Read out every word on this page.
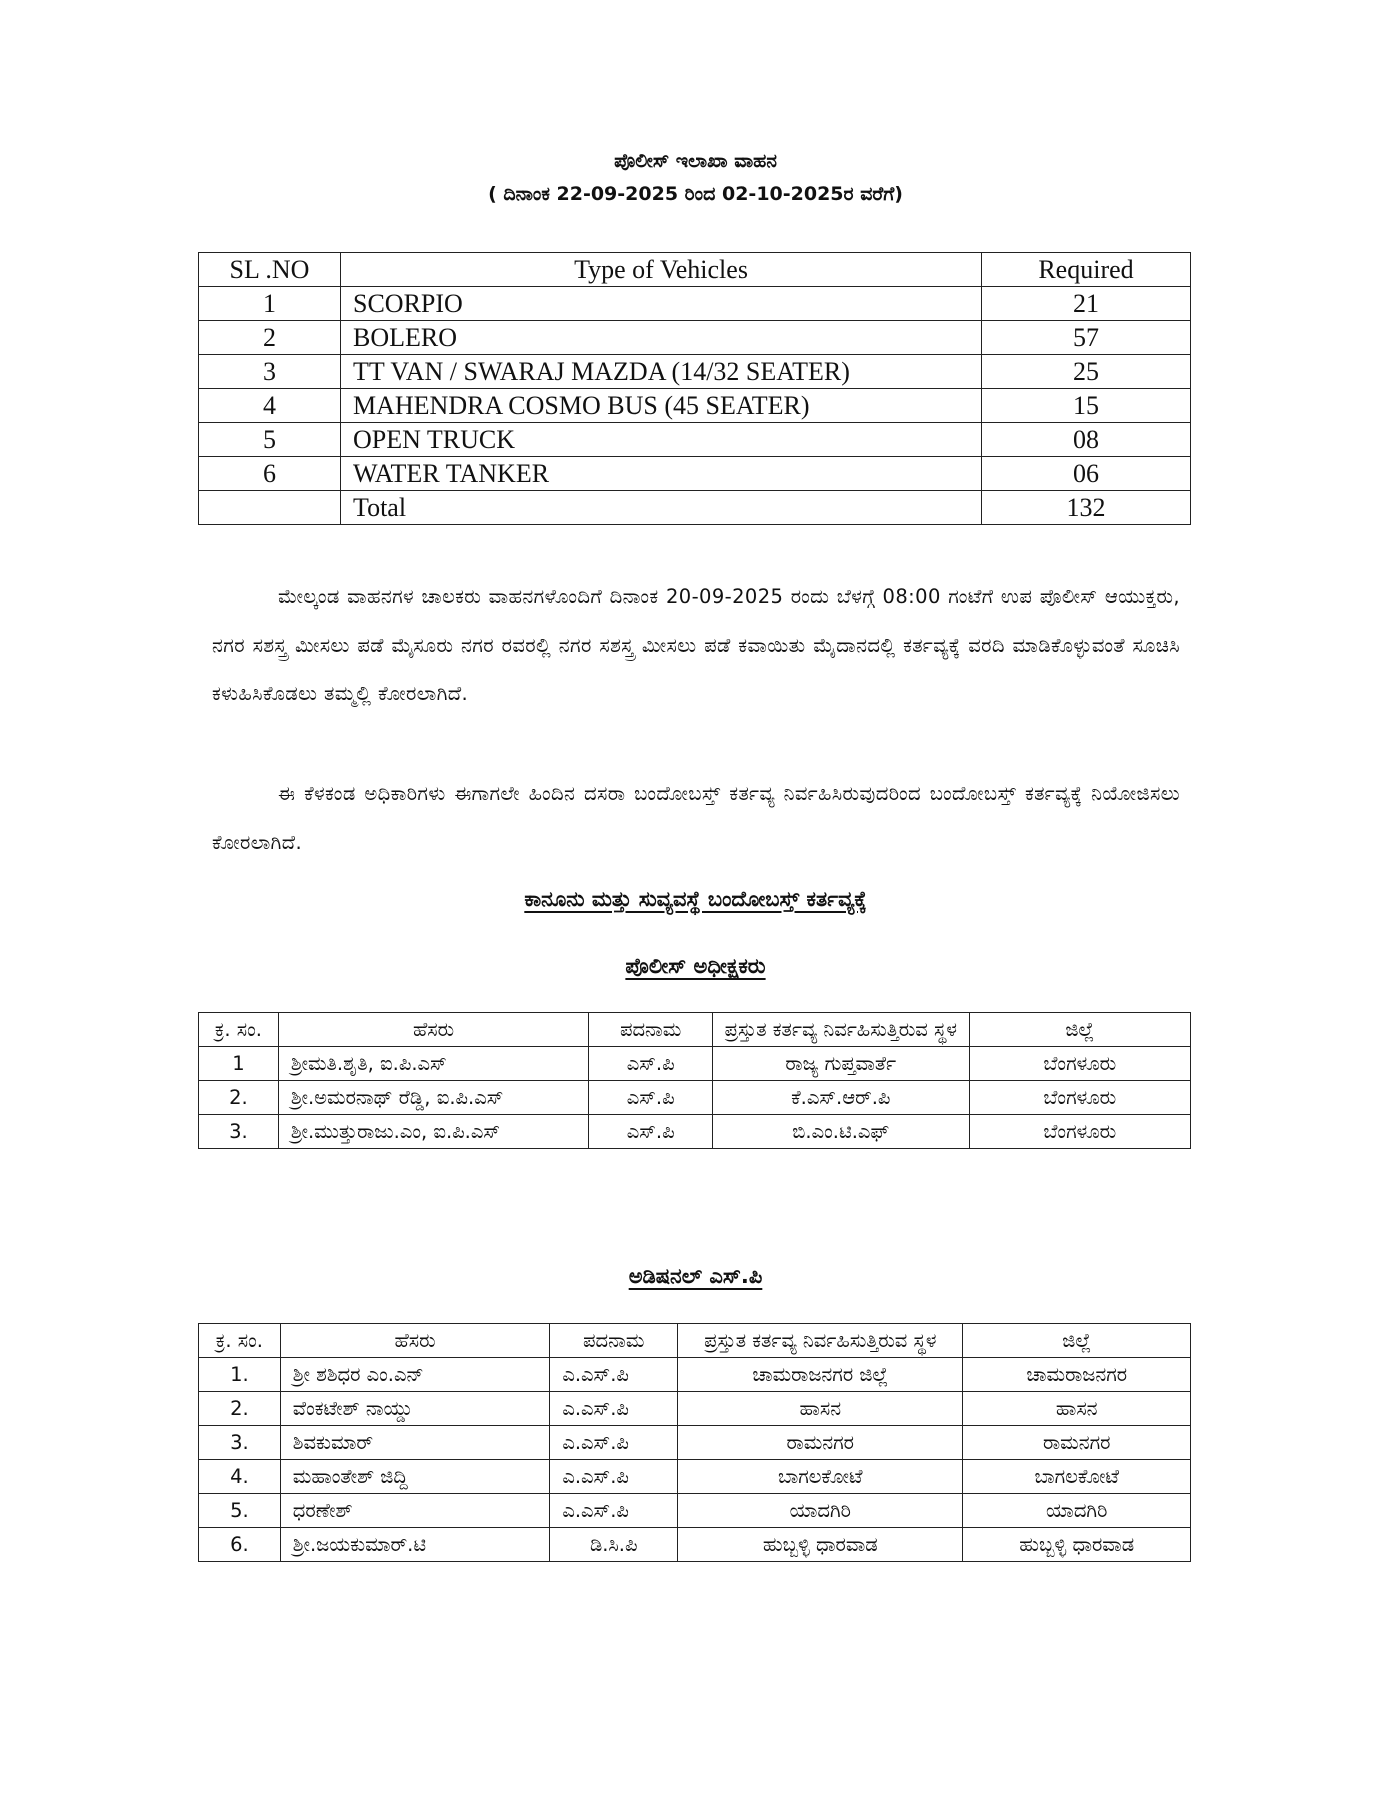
ಪೊಲೀಸ್ ಇಲಾಖಾ ವಾಹನ
( ದಿನಾಂಕ 22-09-2025 ರಿಂದ 02-10-2025ರ ವರೆಗೆ)
SL .NO	Type of Vehicles	Required
1	SCORPIO	21
2	BOLERO	57
3	TT VAN / SWARAJ MAZDA (14/32 SEATER)	25
4	MAHENDRA COSMO BUS (45 SEATER)	15
5	OPEN TRUCK	08
6	WATER TANKER	06
	Total	132
ಮೇಲ್ಕಂಡ ವಾಹನಗಳ ಚಾಲಕರು ವಾಹನಗಳೊಂದಿಗೆ ದಿನಾಂಕ 20-09-2025 ರಂದು ಬೆಳಗ್ಗೆ 08:00 ಗಂಟೆಗೆ ಉಪ ಪೊಲೀಸ್ ಆಯುಕ್ತರು, ನಗರ ಸಶಸ್ತ್ರ ಮೀಸಲು ಪಡೆ ಮೈಸೂರು ನಗರ ರವರಲ್ಲಿ ನಗರ ಸಶಸ್ತ್ರ ಮೀಸಲು ಪಡೆ ಕವಾಯಿತು ಮೈದಾನದಲ್ಲಿ ಕರ್ತವ್ಯಕ್ಕೆ ವರದಿ ಮಾಡಿಕೊಳ್ಳುವಂತೆ ಸೂಚಿಸಿ ಕಳುಹಿಸಿಕೊಡಲು ತಮ್ಮಲ್ಲಿ ಕೋರಲಾಗಿದೆ.
ಈ ಕೆಳಕಂಡ ಅಧಿಕಾರಿಗಳು ಈಗಾಗಲೇ ಹಿಂದಿನ ದಸರಾ ಬಂದೋಬಸ್ತ್ ಕರ್ತವ್ಯ ನಿರ್ವಹಿಸಿರುವುದರಿಂದ ಬಂದೋಬಸ್ತ್ ಕರ್ತವ್ಯಕ್ಕೆ ನಿಯೋಜಿಸಲು ಕೋರಲಾಗಿದೆ.
ಕಾನೂನು ಮತ್ತು ಸುವ್ಯವಸ್ಥೆ ಬಂದೋಬಸ್ತ್ ಕರ್ತವ್ಯಕ್ಕೆ
ಪೊಲೀಸ್ ಅಧೀಕ್ಷಕರು
ಕ್ರ. ಸಂ.	ಹೆಸರು	ಪದನಾಮ	ಪ್ರಸ್ತುತ ಕರ್ತವ್ಯ ನಿರ್ವಹಿಸುತ್ತಿರುವ ಸ್ಥಳ	ಜಿಲ್ಲೆ
1	ಶ್ರೀಮತಿ.ಶೃತಿ, ಐ.ಪಿ.ಎಸ್	ಎಸ್.ಪಿ	ರಾಜ್ಯ ಗುಪ್ತವಾರ್ತೆ	ಬೆಂಗಳೂರು
2.	ಶ್ರೀ.ಅಮರನಾಥ್ ರೆಡ್ಡಿ, ಐ.ಪಿ.ಎಸ್	ಎಸ್.ಪಿ	ಕೆ.ಎಸ್.ಆರ್.ಪಿ	ಬೆಂಗಳೂರು
3.	ಶ್ರೀ.ಮುತ್ತುರಾಜು.ಎಂ, ಐ.ಪಿ.ಎಸ್	ಎಸ್.ಪಿ	ಬಿ.ಎಂ.ಟಿ.ಎಫ್	ಬೆಂಗಳೂರು
ಅಡಿಷನಲ್ ಎಸ್.ಪಿ
ಕ್ರ. ಸಂ.	ಹೆಸರು	ಪದನಾಮ	ಪ್ರಸ್ತುತ ಕರ್ತವ್ಯ ನಿರ್ವಹಿಸುತ್ತಿರುವ ಸ್ಥಳ	ಜಿಲ್ಲೆ
1.	ಶ್ರೀ ಶಶಿಧರ ಎಂ.ಎನ್	ಎ.ಎಸ್.ಪಿ	ಚಾಮರಾಜನಗರ ಜಿಲ್ಲೆ	ಚಾಮರಾಜನಗರ
2.	ವೆಂಕಟೇಶ್ ನಾಯ್ಡು	ಎ.ಎಸ್.ಪಿ	ಹಾಸನ	ಹಾಸನ
3.	ಶಿವಕುಮಾರ್	ಎ.ಎಸ್.ಪಿ	ರಾಮನಗರ	ರಾಮನಗರ
4.	ಮಹಾಂತೇಶ್ ಜಿದ್ದಿ	ಎ.ಎಸ್.ಪಿ	ಬಾಗಲಕೋಟೆ	ಬಾಗಲಕೋಟೆ
5.	ಧರಣೇಶ್	ಎ.ಎಸ್.ಪಿ	ಯಾದಗಿರಿ	ಯಾದಗಿರಿ
6.	ಶ್ರೀ.ಜಯಕುಮಾರ್.ಟಿ	ಡಿ.ಸಿ.ಪಿ	ಹುಬ್ಬಳ್ಳಿ ಧಾರವಾಡ	ಹುಬ್ಬಳ್ಳಿ ಧಾರವಾಡ
